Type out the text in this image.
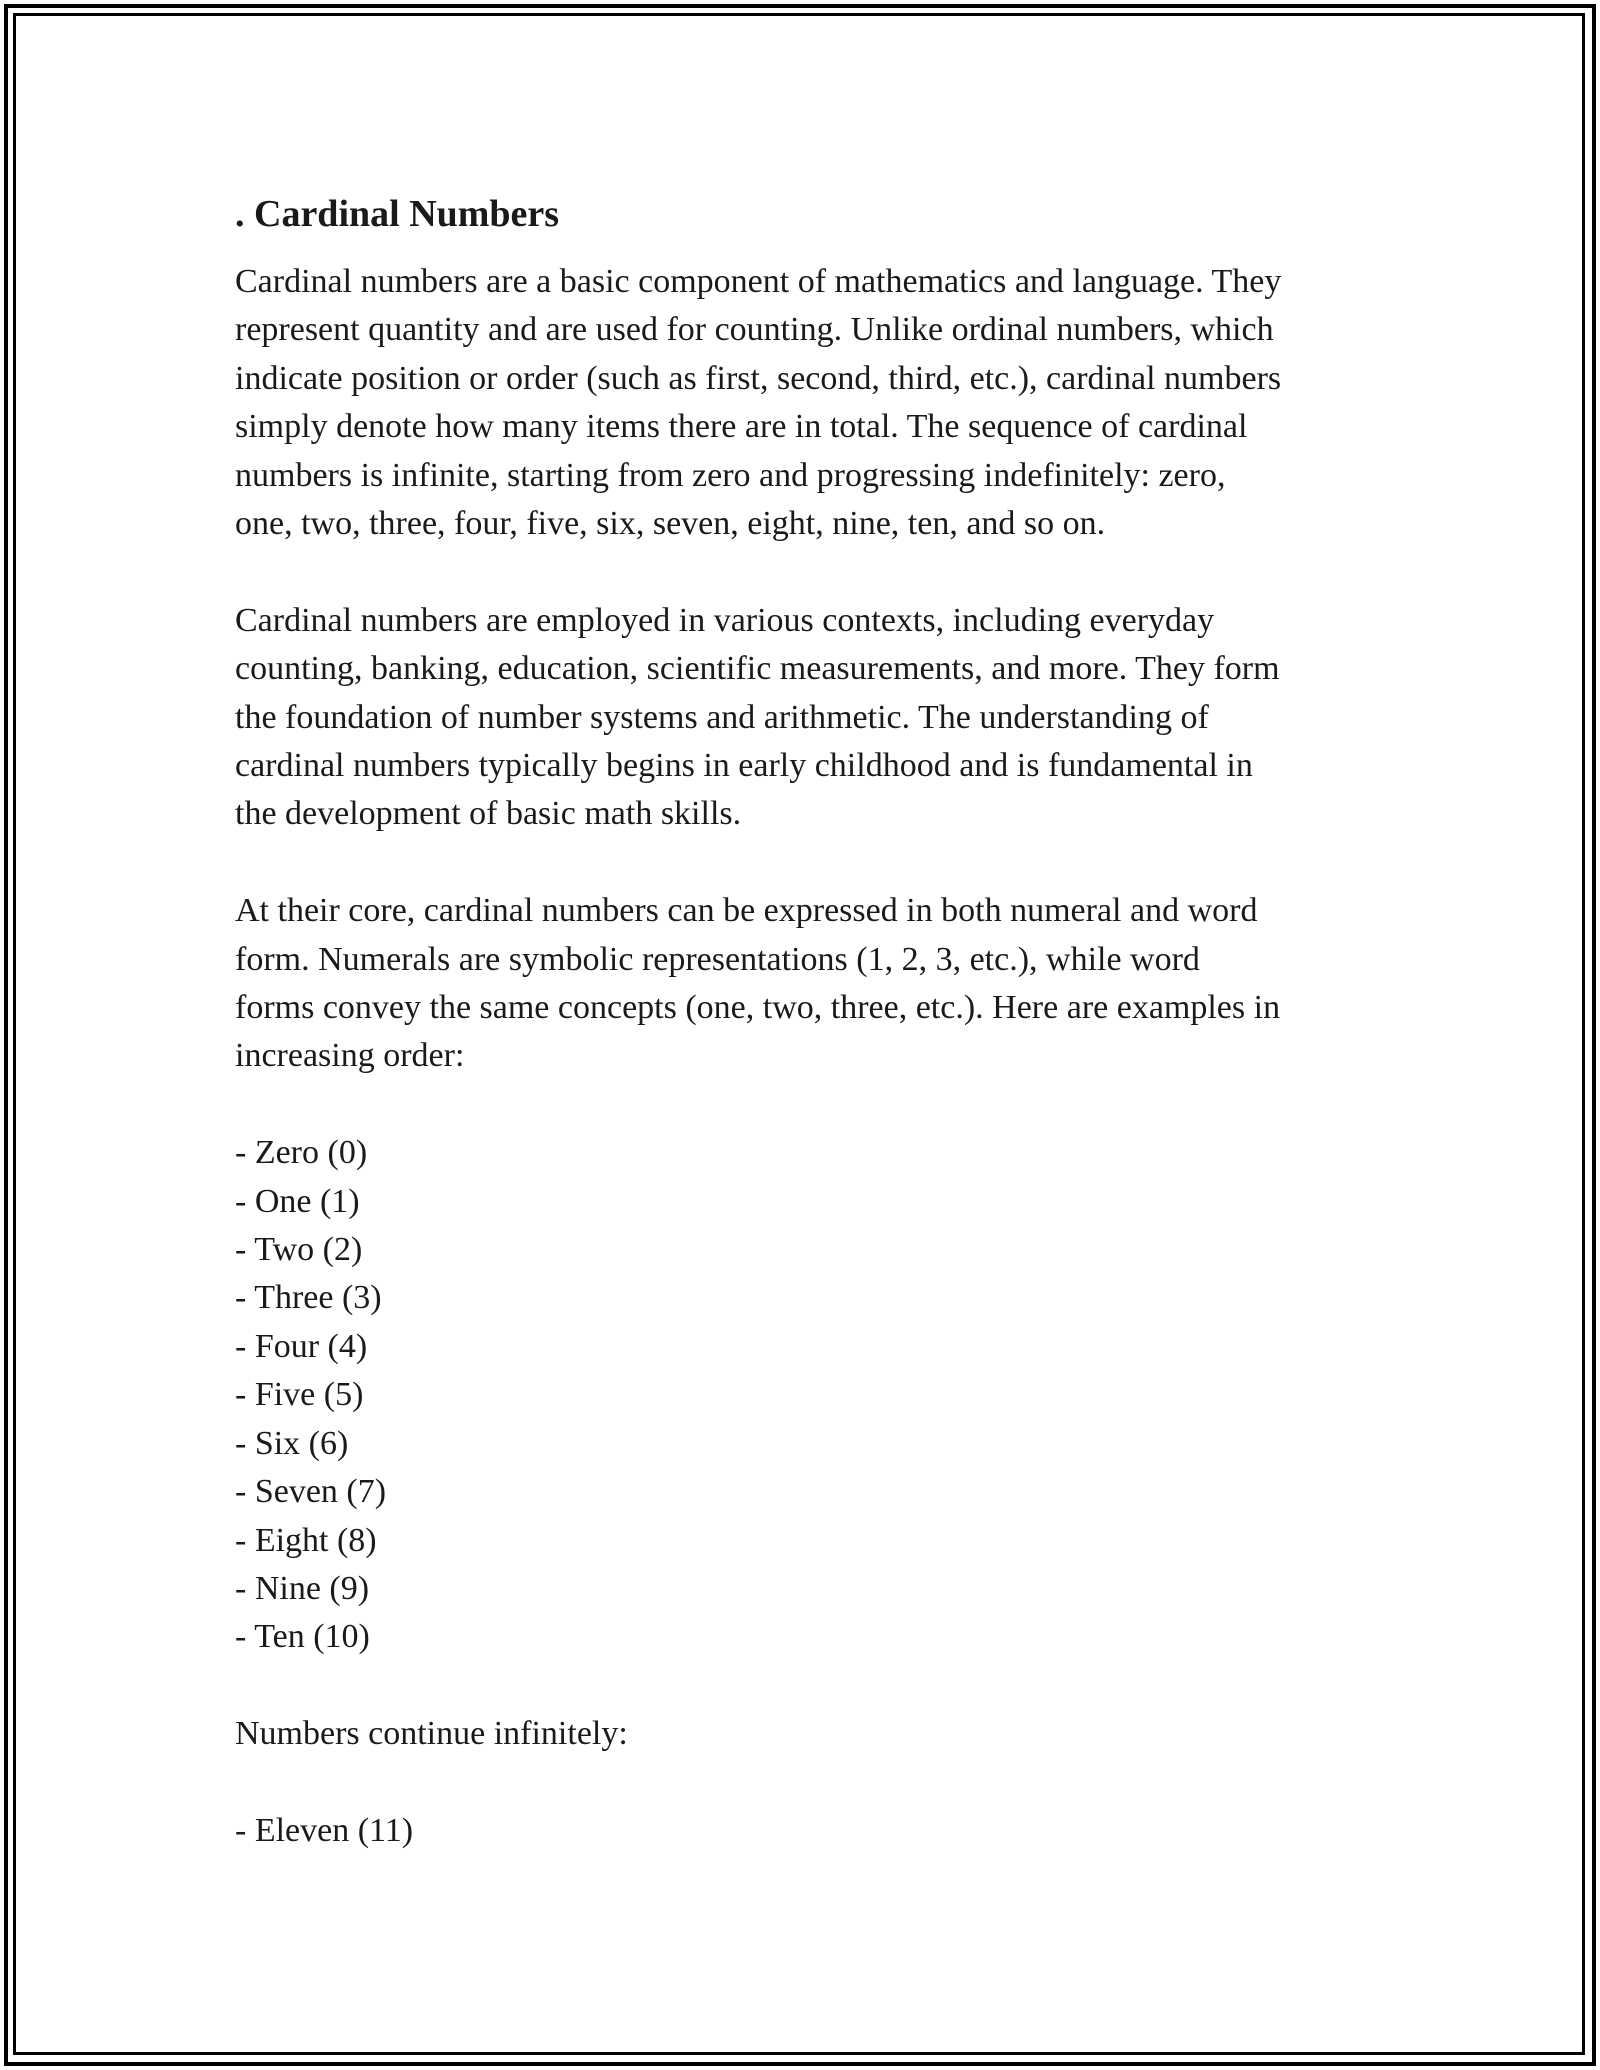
. Cardinal Numbers

Cardinal numbers are a basic component of mathematics and language. They
represent quantity and are used for counting. Unlike ordinal numbers, which
indicate position or order (such as first, second, third, etc.), cardinal numbers
simply denote how many items there are in total. The sequence of cardinal
numbers is infinite, starting from zero and progressing indefinitely: zero,
one, two, three, four, five, six, seven, eight, nine, ten, and so on.

Cardinal numbers are employed in various contexts, including everyday
counting, banking, education, scientific measurements, and more. They form
the foundation of number systems and arithmetic. The understanding of
cardinal numbers typically begins in early childhood and is fundamental in
the development of basic math skills.

At their core, cardinal numbers can be expressed in both numeral and word
form. Numerals are symbolic representations (1, 2, 3, etc.), while word
forms convey the same concepts (one, two, three, etc.). Here are examples in
increasing order:

- Zero (0)
- One (1)
- Two (2)
- Three (3)
- Four (4)
- Five (5)
- Six (6)
- Seven (7)
- Eight (8)
- Nine (9)
- Ten (10)

Numbers continue infinitely:

- Eleven (11)
